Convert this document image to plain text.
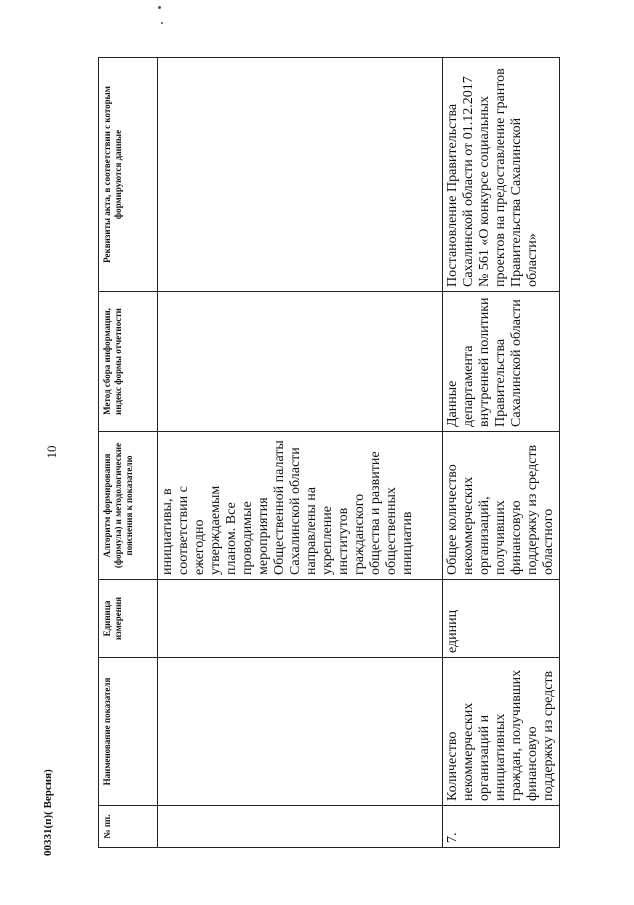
10
№ пп.	Наименование показателя	Единица измерения	Алгоритм формирования (формула) и методологические пояснения к показателю	Метод сбора информации, индекс формы отчетности	Реквизиты акта, в соответствии с которым формируются данные
			инициативы, в соответствии с ежегодно утверждаемым планом. Все проводимые мероприятия Общественной палаты Сахалинской области направлены на укрепление институтов гражданского общества и развитие общественных инициатив		
7.	Количество некоммерческих организаций и инициативных граждан, получивших финансовую поддержку из средств	единиц	Общее количество некоммерческих организаций, получивших финансовую поддержку из средств областного	Данные департамента внутренней политики Правительства Сахалинской области	Постановление Правительства Сахалинской области от 01.12.2017 № 561 «О конкурсе социальных проектов на предоставление грантов Правительства Сахалинской области»
00331(п)( Версия)
